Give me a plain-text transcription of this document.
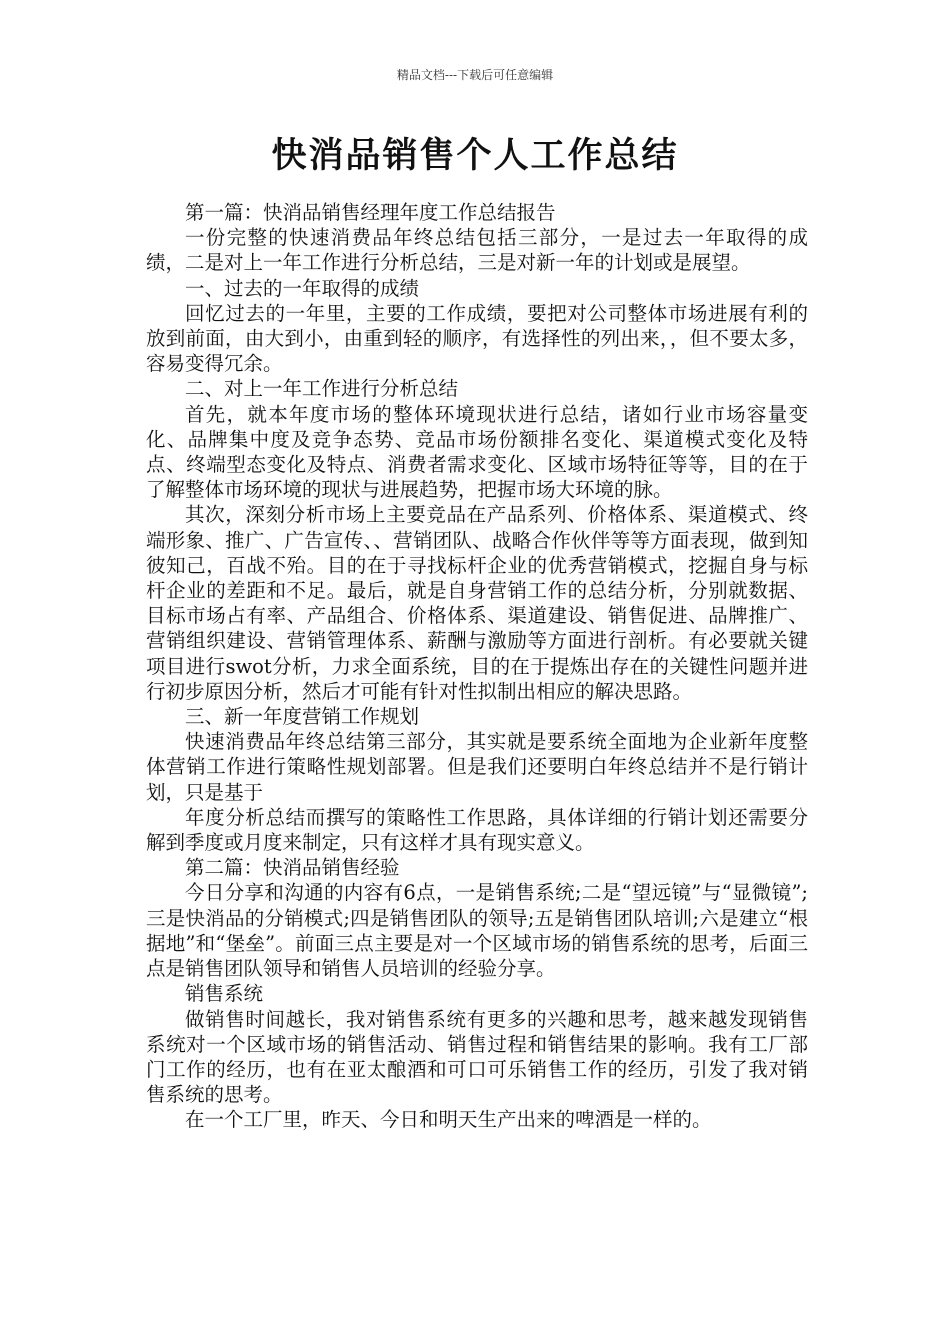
精品文档---下载后可任意编辑
快消品销售个人工作总结

第一篇：快消品销售经理年度工作总结报告

一份完整的快速消费品年终总结包括三部分，一是过去一年取得的成绩，二是对上一年工作进行分析总结，三是对新一年的计划或是展望。

一、过去的一年取得的成绩

回忆过去的一年里，主要的工作成绩，要把对公司整体市场进展有利的放到前面，由大到小，由重到轻的顺序，有选择性的列出来，，但不要太多，容易变得冗余。

二、对上一年工作进行分析总结

首先，就本年度市场的整体环境现状进行总结，诸如行业市场容量变化、品牌集中度及竞争态势、竞品市场份额排名变化、渠道模式变化及特点、终端型态变化及特点、消费者需求变化、区域市场特征等等，目的在于了解整体市场环境的现状与进展趋势，把握市场大环境的脉。

其次，深刻分析市场上主要竞品在产品系列、价格体系、渠道模式、终端形象、推广、广告宣传、、营销团队、战略合作伙伴等等方面表现，做到知彼知己，百战不殆。目的在于寻找标杆企业的优秀营销模式，挖掘自身与标杆企业的差距和不足。最后，就是自身营销工作的总结分析，分别就数据、目标市场占有率、产品组合、价格体系、渠道建设、销售促进、品牌推广、营销组织建设、营销管理体系、薪酬与激励等方面进行剖析。有必要就关键项目进行swot分析，力求全面系统，目的在于提炼出存在的关键性问题并进行初步原因分析，然后才可能有针对性拟制出相应的解决思路。

三、新一年度营销工作规划

快速消费品年终总结第三部分，其实就是要系统全面地为企业新年度整体营销工作进行策略性规划部署。但是我们还要明白年终总结并不是行销计划，只是基于

年度分析总结而撰写的策略性工作思路，具体详细的行销计划还需要分解到季度或月度来制定，只有这样才具有现实意义。

第二篇：快消品销售经验

今日分享和沟通的内容有6点，一是销售系统;二是“望远镜”与“显微镜”;三是快消品的分销模式;四是销售团队的领导;五是销售团队培训;六是建立“根据地”和“堡垒”。前面三点主要是对一个区域市场的销售系统的思考，后面三点是销售团队领导和销售人员培训的经验分享。

销售系统

做销售时间越长，我对销售系统有更多的兴趣和思考，越来越发现销售系统对一个区域市场的销售活动、销售过程和销售结果的影响。我有工厂部门工作的经历，也有在亚太酿酒和可口可乐销售工作的经历，引发了我对销售系统的思考。

在一个工厂里，昨天、今日和明天生产出来的啤酒是一样的。
